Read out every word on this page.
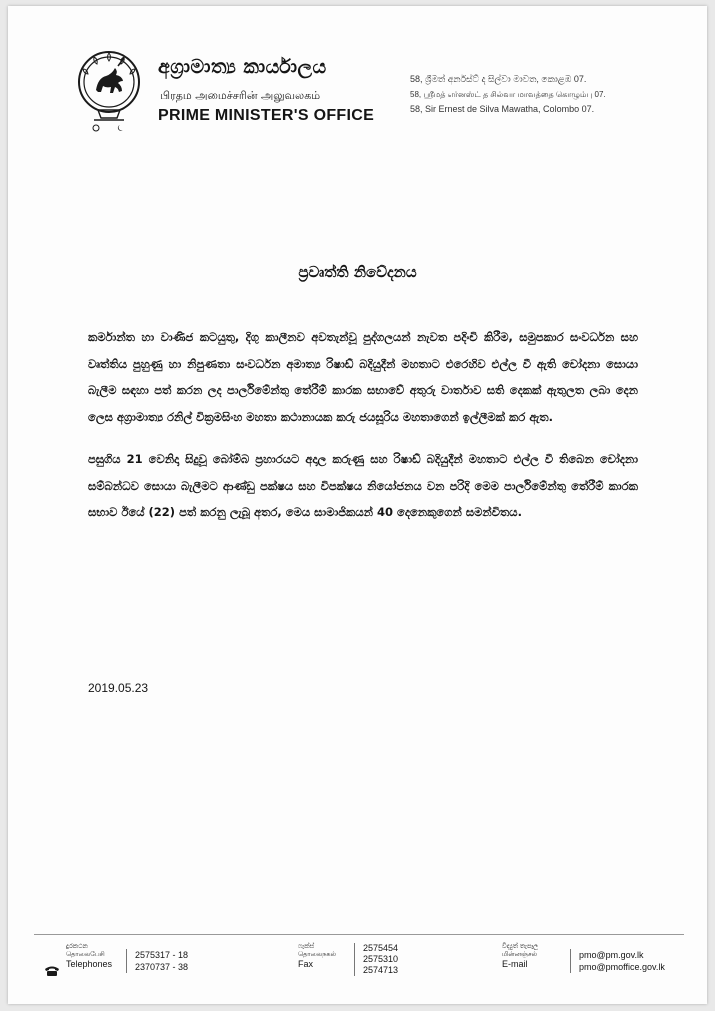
අග්‍රාමාත්‍ය කාර්යාලය
பிரதம அமைச்சரின் அலுவலகம்
PRIME MINISTER'S OFFICE
58, ශ්‍රීමත් අර්නස්ට් ද සිල්වා මාවත, කොළඹ 07.
58, ஸ்ரீமத் எர்னஸ்ட் த சில்வா மாவத்தை கொழும்பு 07.
58, Sir Ernest de Silva Mawatha, Colombo 07.
ප්‍රවෘත්ති නිවේදනය

කර්මාන්ත හා වාණිජ කටයුතු, දිගු කාලීනව අවතැන්වූ පුද්ගලයන් නැවත පදිංචි කිරීම, සමුපකාර සංවර්ධන සහ වෘත්තිය පුහුණු හා නිපුණතා සංවර්ධන අමාත්‍ය රිෂාඩ් බදියුදීන් මහතාට එරෙහිව එල්ල වී ඇති චෝදනා සොයා බැලීම සඳහා පත් කරන ලද පාර්ලිමේන්තු තේරීම් කාරක සභාවේ අතුරු වාර්තාව සති දෙකක් ඇතුලත ලබා දෙන ලෙස අග්‍රාමාත්‍ය රනිල් වික්‍රමසිංහ මහතා කථානායක කරු ජයසූරිය මහතාගෙන් ඉල්ලීමක් කර ඇත.

පසුගිය 21 වෙනිදා සිදුවූ බෝම්බ ප්‍රහාරයට අදාල කරුණු සහ රිෂාඩ් බදියුදීන් මහතාට එල්ල වී තිබෙන චෝදනා සම්බන්ධව සොයා බැලීමට ආණ්ඩු පක්ෂය සහ විපක්ෂය නියෝජනය වන පරිදි මෙම පාර්ලිමේන්තු තේරීම් කාරක සභාව ඊයේ (22) පත් කරනු ලැබූ අතර, මෙය සාමාජිකයන් 40 දෙනෙකුගෙන් සමන්විතය.

2019.05.23
දුරකථන
தொலைபேசி
Telephones
2575317 - 18
2370737 - 38
ෆැක්ස්
தொலைநகல்
Fax
2575454
2575310
2574713
විද්‍යුත් තැපෑල
மின்னஞ்சல்
E-mail
pmo@pm.gov.lk
pmo@pmoffice.gov.lk
